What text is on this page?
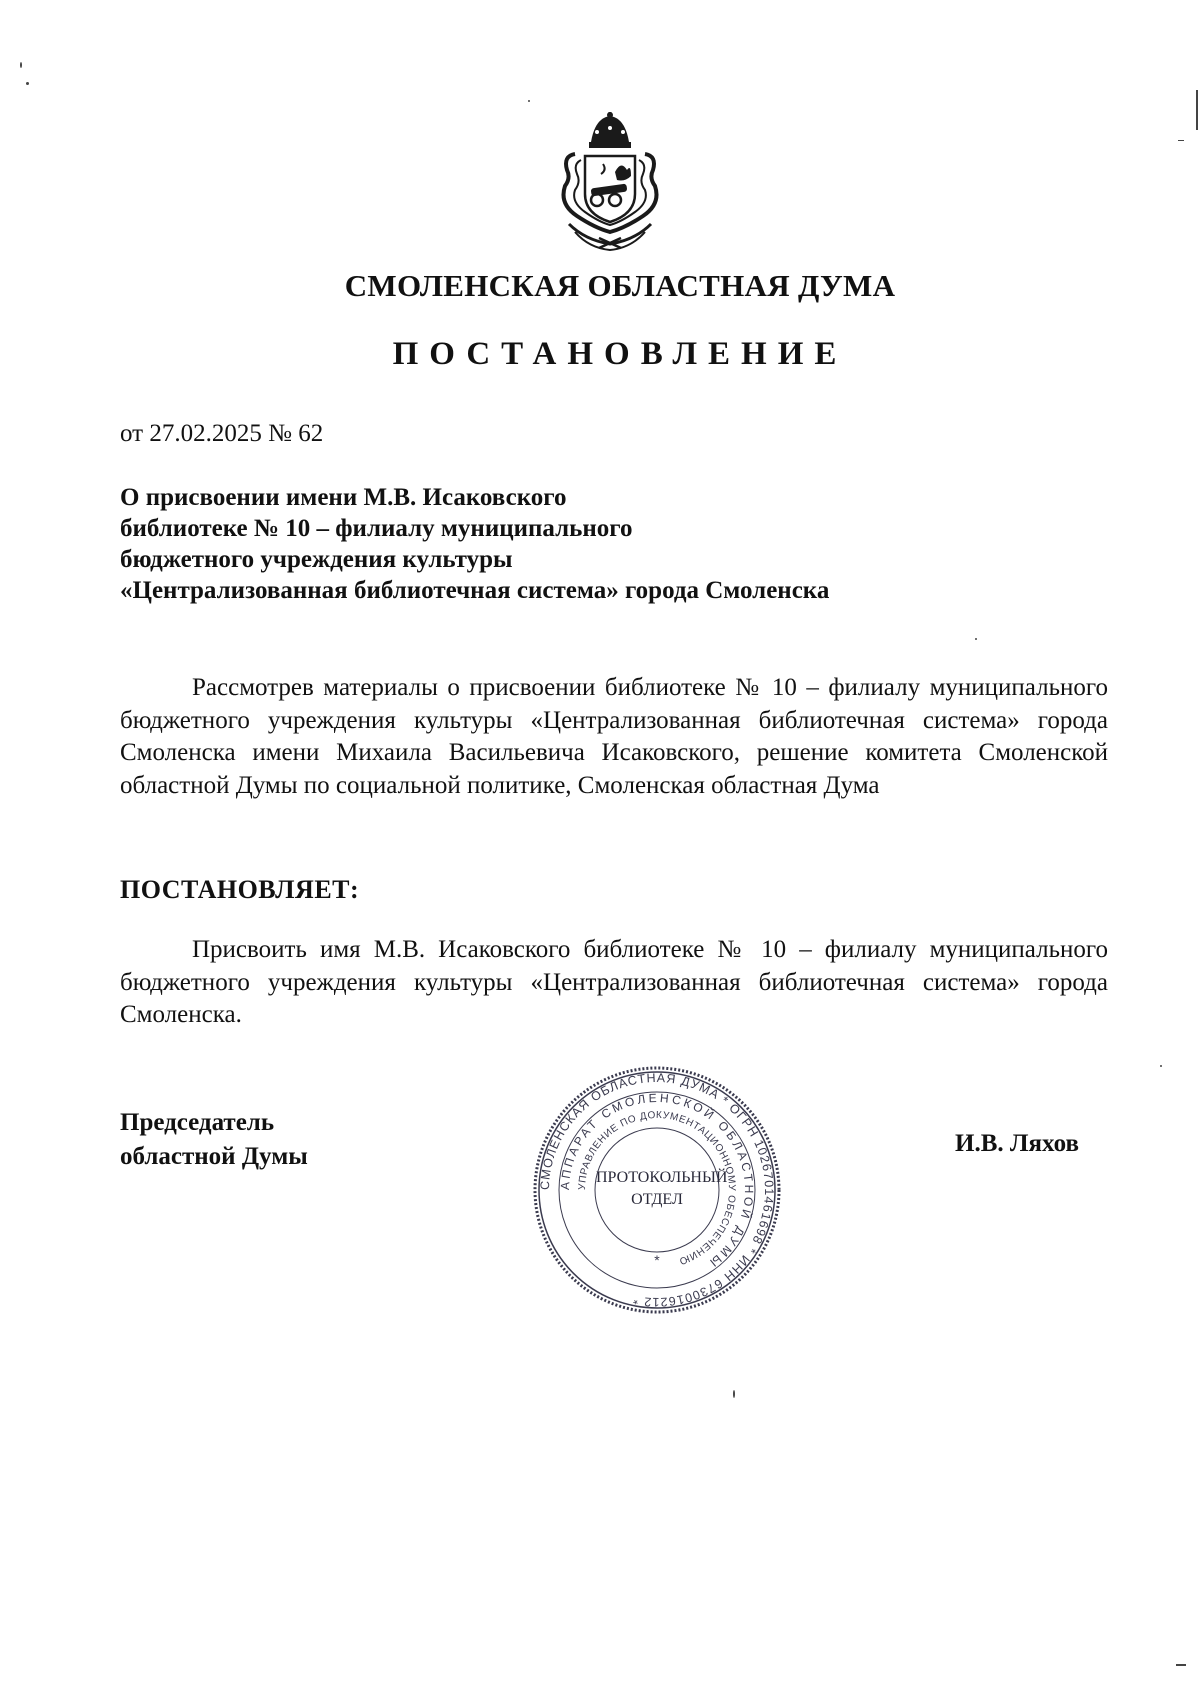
СМОЛЕНСКАЯ ОБЛАСТНАЯ ДУМА
ПОСТАНОВЛЕНИЕ
от 27.02.2025 № 62
О присвоении имени М.В. Исаковского
библиотеке № 10 – филиалу муниципального
бюджетного учреждения культуры
«Централизованная библиотечная система» города Смоленска
Рассмотрев материалы о присвоении библиотеке № 10 – филиалу муниципального бюджетного учреждения культуры «Централизованная библиотечная система» города Смоленска имени Михаила Васильевича Исаковского, решение комитета Смоленской областной Думы по социальной политике, Смоленская областная Дума
ПОСТАНОВЛЯЕТ:
Присвоить имя М.В. Исаковского библиотеке № 10 – филиалу муниципального бюджетного учреждения культуры «Централизованная библиотечная система» города Смоленска.
Председатель
областной Думы
СМОЛЕНСКАЯ ОБЛАСТНАЯ ДУМА * ОГРН 1026701461698 * ИНН 6730016212 *
АППАРАТ СМОЛЕНСКОЙ ОБЛАСТНОЙ ДУМЫ
УПРАВЛЕНИЕ ПО ДОКУМЕНТАЦИОННОМУ ОБЕСПЕЧЕНИЮ
*
ПРОТОКОЛЬНЫЙ
ОТДЕЛ
И.В. Ляхов
